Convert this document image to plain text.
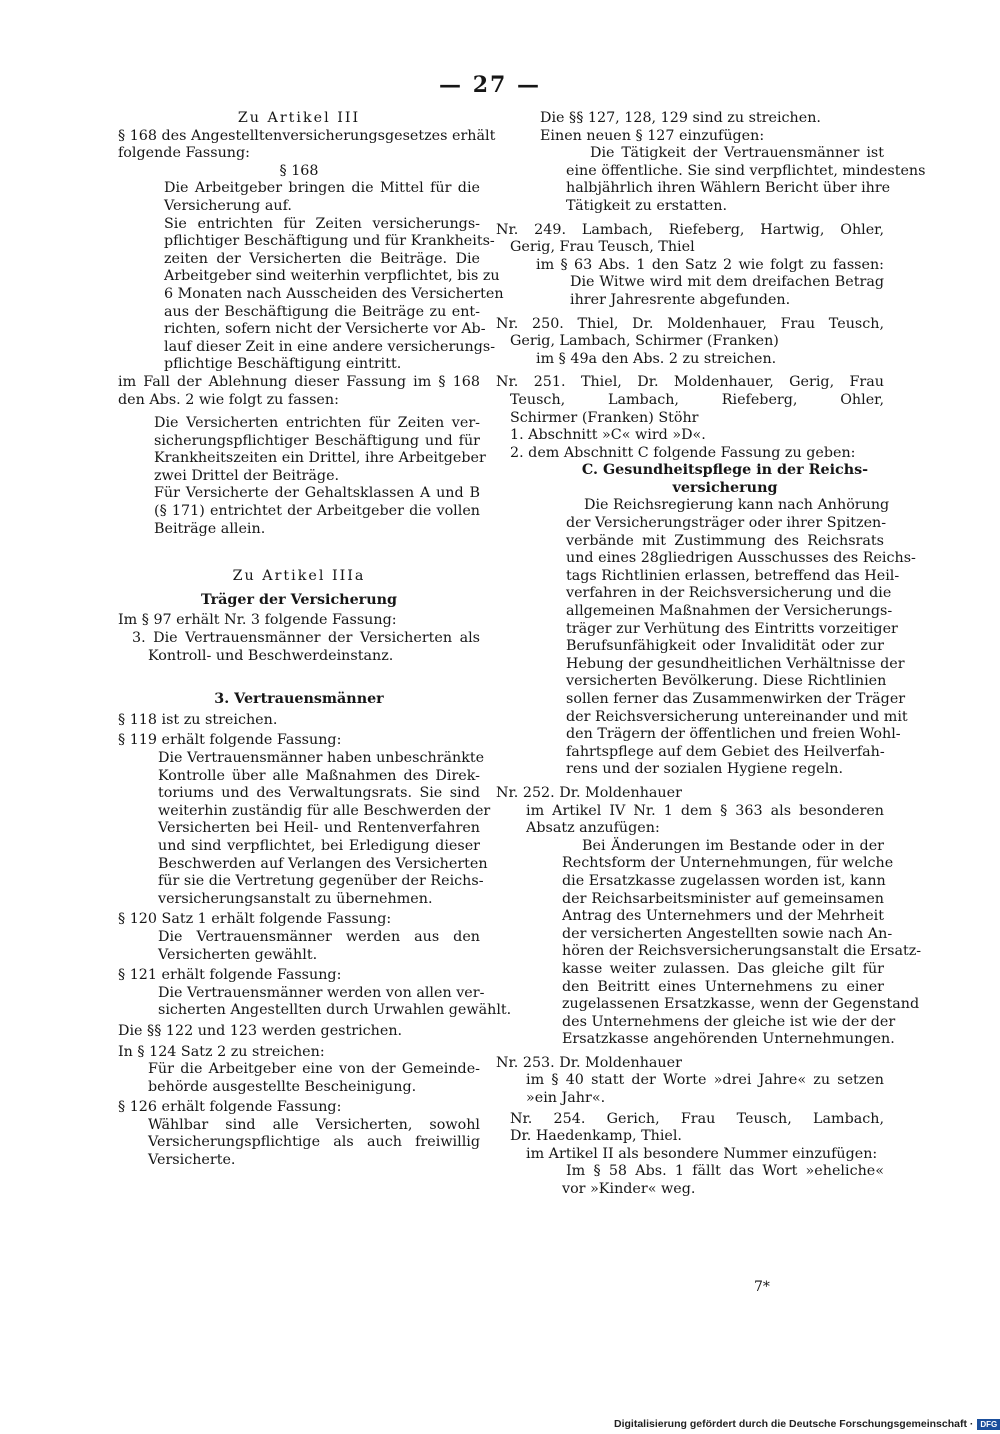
— 27 —
Zu Artikel III
§ 168 des Angestelltenversicherungsgesetzes erhält
folgende Fassung:
§ 168
Die Arbeitgeber bringen die Mittel für die
Versicherung auf.
Sie entrichten für Zeiten versicherungs-
pflichtiger Beschäftigung und für Krankheits-
zeiten der Versicherten die Beiträge. Die
Arbeitgeber sind weiterhin verpflichtet, bis zu
6 Monaten nach Ausscheiden des Versicherten
aus der Beschäftigung die Beiträge zu ent-
richten, sofern nicht der Versicherte vor Ab-
lauf dieser Zeit in eine andere versicherungs-
pflichtige Beschäftigung eintritt.
im Fall der Ablehnung dieser Fassung im § 168
den Abs. 2 wie folgt zu fassen:
Die Versicherten entrichten für Zeiten ver-
sicherungspflichtiger Beschäftigung und für
Krankheitszeiten ein Drittel, ihre Arbeitgeber
zwei Drittel der Beiträge.
Für Versicherte der Gehaltsklassen A und B
(§ 171) entrichtet der Arbeitgeber die vollen
Beiträge allein.
Zu Artikel IIIa
Träger der Versicherung
Im § 97 erhält Nr. 3 folgende Fassung:
3. Die Vertrauensmänner der Versicherten als
Kontroll- und Beschwerdeinstanz.
3. Vertrauensmänner
§ 118 ist zu streichen.
§ 119 erhält folgende Fassung:
Die Vertrauensmänner haben unbeschränkte
Kontrolle über alle Maßnahmen des Direk-
toriums und des Verwaltungsrats. Sie sind
weiterhin zuständig für alle Beschwerden der
Versicherten bei Heil- und Rentenverfahren
und sind verpflichtet, bei Erledigung dieser
Beschwerden auf Verlangen des Versicherten
für sie die Vertretung gegenüber der Reichs-
versicherungsanstalt zu übernehmen.
§ 120 Satz 1 erhält folgende Fassung:
Die Vertrauensmänner werden aus den
Versicherten gewählt.
§ 121 erhält folgende Fassung:
Die Vertrauensmänner werden von allen ver-
sicherten Angestellten durch Urwahlen gewählt.
Die §§ 122 und 123 werden gestrichen.
In § 124 Satz 2 zu streichen:
Für die Arbeitgeber eine von der Gemeinde-
behörde ausgestellte Bescheinigung.
§ 126 erhält folgende Fassung:
Wählbar sind alle Versicherten, sowohl
Versicherungspflichtige als auch freiwillig
Versicherte.
Die §§ 127, 128, 129 sind zu streichen.
Einen neuen § 127 einzufügen:
Die Tätigkeit der Vertrauensmänner ist
eine öffentliche. Sie sind verpflichtet, mindestens
halbjährlich ihren Wählern Bericht über ihre
Tätigkeit zu erstatten.
Nr. 249. Lambach, Riefeberg, Hartwig, Ohler,
Gerig, Frau Teusch, Thiel
im § 63 Abs. 1 den Satz 2 wie folgt zu fassen:
Die Witwe wird mit dem dreifachen Betrag
ihrer Jahresrente abgefunden.
Nr. 250. Thiel, Dr. Moldenhauer, Frau Teusch,
Gerig, Lambach, Schirmer (Franken)
im § 49a den Abs. 2 zu streichen.
Nr. 251. Thiel, Dr. Moldenhauer, Gerig, Frau
Teusch, Lambach, Riefeberg, Ohler,
Schirmer (Franken) Stöhr
1. Abschnitt »C« wird »D«.
2. dem Abschnitt C folgende Fassung zu geben:
C. Gesundheitspflege in der Reichs-
versicherung
Die Reichsregierung kann nach Anhörung
der Versicherungsträger oder ihrer Spitzen-
verbände mit Zustimmung des Reichsrats
und eines 28gliedrigen Ausschusses des Reichs-
tags Richtlinien erlassen, betreffend das Heil-
verfahren in der Reichsversicherung und die
allgemeinen Maßnahmen der Versicherungs-
träger zur Verhütung des Eintritts vorzeitiger
Berufsunfähigkeit oder Invalidität oder zur
Hebung der gesundheitlichen Verhältnisse der
versicherten Bevölkerung. Diese Richtlinien
sollen ferner das Zusammenwirken der Träger
der Reichsversicherung untereinander und mit
den Trägern der öffentlichen und freien Wohl-
fahrtspflege auf dem Gebiet des Heilverfah-
rens und der sozialen Hygiene regeln.
Nr. 252. Dr. Moldenhauer
im Artikel IV Nr. 1 dem § 363 als besonderen
Absatz anzufügen:
Bei Änderungen im Bestande oder in der
Rechtsform der Unternehmungen, für welche
die Ersatzkasse zugelassen worden ist, kann
der Reichsarbeitsminister auf gemeinsamen
Antrag des Unternehmers und der Mehrheit
der versicherten Angestellten sowie nach An-
hören der Reichsversicherungsanstalt die Ersatz-
kasse weiter zulassen. Das gleiche gilt für
den Beitritt eines Unternehmens zu einer
zugelassenen Ersatzkasse, wenn der Gegenstand
des Unternehmens der gleiche ist wie der der
Ersatzkasse angehörenden Unternehmungen.
Nr. 253. Dr. Moldenhauer
im § 40 statt der Worte »drei Jahre« zu setzen
»ein Jahr«.
Nr. 254. Gerich, Frau Teusch, Lambach,
Dr. Haedenkamp, Thiel.
im Artikel II als besondere Nummer einzufügen:
Im § 58 Abs. 1 fällt das Wort »eheliche«
vor »Kinder« weg.
7*
Digitalisierung gefördert durch die Deutsche Forschungsgemeinschaft · DFG
